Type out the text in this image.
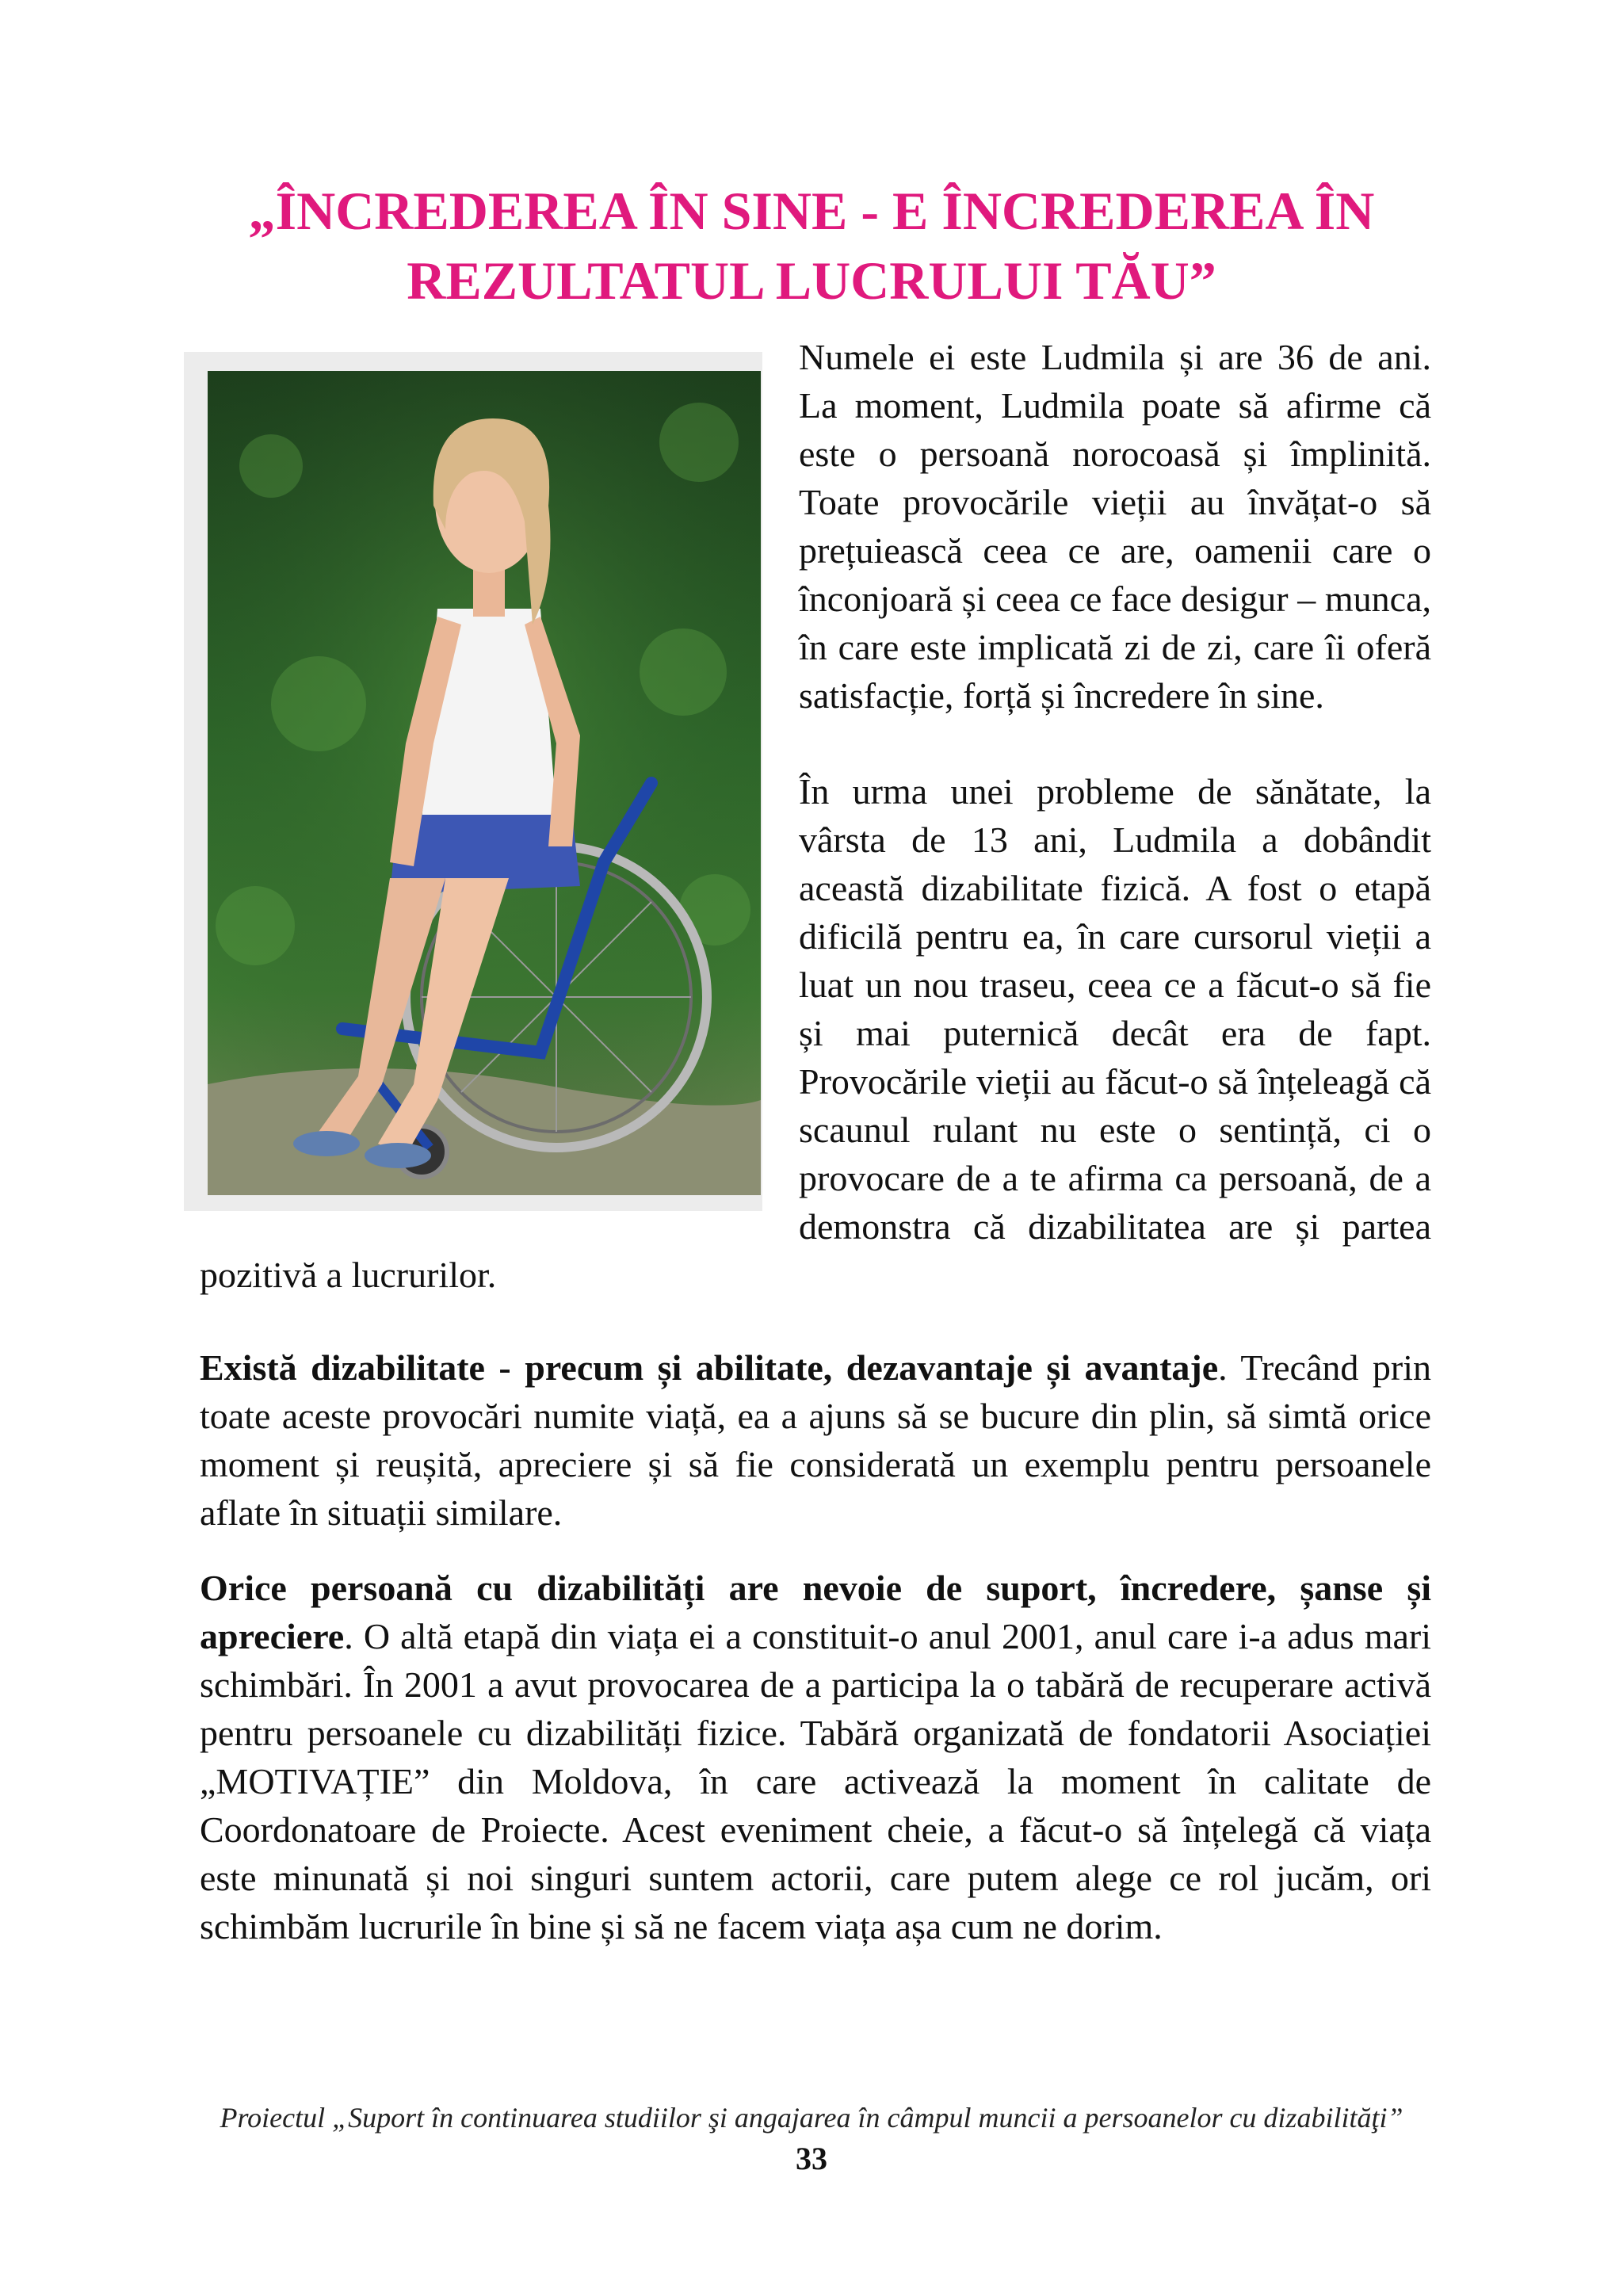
„ÎNCREDEREA ÎN SINE - E ÎNCREDEREA ÎN
REZULTATUL LUCRULUI TĂU”

Numele ei este Ludmila și are 36 de ani. La moment, Ludmila poate să afirme că este o persoană norocoasă și împlinită. Toate provocările vieții au învățat-o să prețuiească ceea ce are, oamenii care o înconjoară și ceea ce face desigur – munca, în care este implicată zi de zi, care îi oferă satisfacție, forță și încredere în sine.

În urma unei probleme de sănătate, la vârsta de 13 ani, Ludmila a dobândit această dizabilitate fizică. A fost o etapă dificilă pentru ea, în care cursorul vieții a luat un nou traseu, ceea ce a făcut-o să fie și mai puternică decât era de fapt. Provocările vieții au făcut-o să înțeleagă că scaunul rulant nu este o sentință, ci o provocare de a te afirma ca persoană, de a demonstra că dizabilitatea are și partea pozitivă a lucrurilor.

Există dizabilitate - precum și abilitate, dezavantaje și avantaje. Trecând prin toate aceste provocări numite viață, ea a ajuns să se bucure din plin, să simtă orice moment și reușită, apreciere și să fie considerată un exemplu pentru persoanele aflate în situații similare.

Orice persoană cu dizabilități are nevoie de suport, încredere, șanse și apreciere. O altă etapă din viața ei a constituit-o anul 2001, anul care i-a adus mari schimbări. În 2001 a avut provocarea de a participa la o tabără de recuperare activă pentru persoanele cu dizabilități fizice. Tabără organizată de fondatorii Asociației „MOTIVAȚIE” din Moldova, în care activează la moment în calitate de Coordonatoare de Proiecte. Acest eveniment cheie, a făcut-o să înțelegă că viața este minunată și noi singuri suntem actorii, care putem alege ce rol jucăm, ori schimbăm lucrurile în bine și să ne facem viața așa cum ne dorim.

Proiectul „Suport în continuarea studiilor şi angajarea în câmpul muncii a persoanelor cu dizabilităţi”
33
